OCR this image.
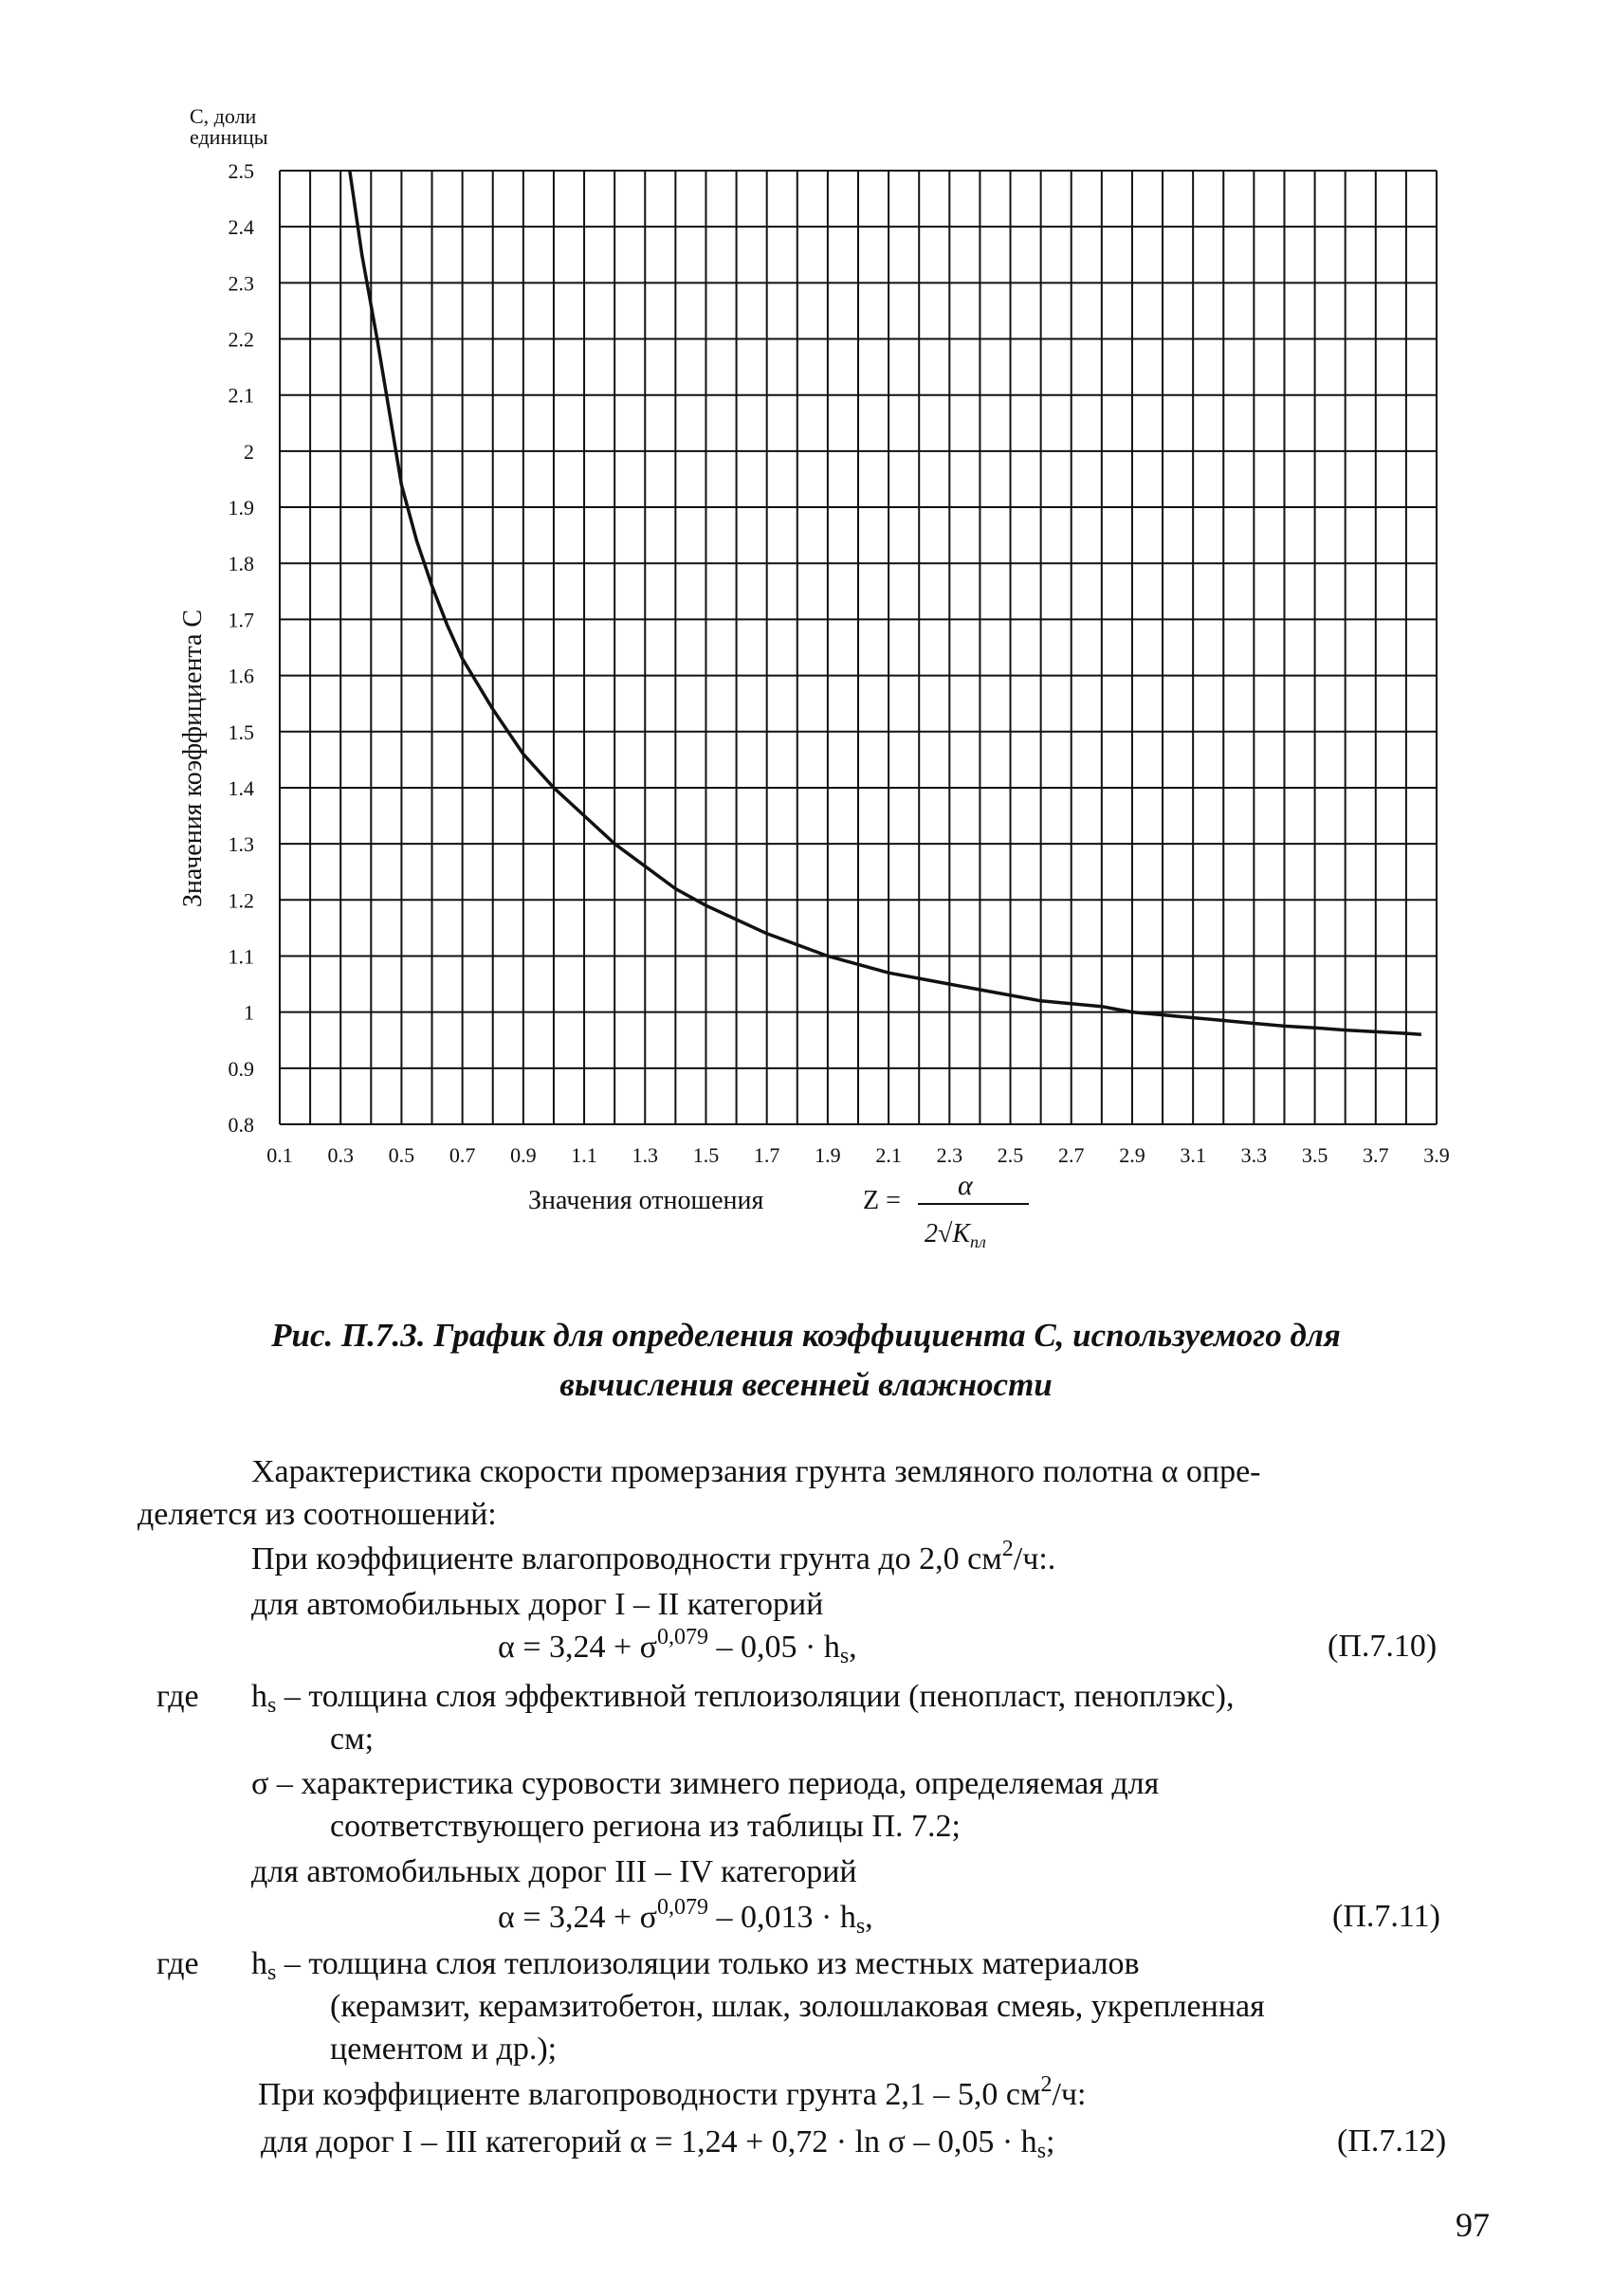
2.5
2.4
2.3
2.2
2.1
2
1.9
1.8
1.7
1.6
1.5
1.4
1.3
1.2
1.1
1
0.9
0.8
0.1 0.3 0.5 0.7 0.9 1.1 1.3 1.5 1.7 1.9 2.1 2.3 2.5 2.7 2.9 3.1 3.3 3.5 3.7 3.9
Значения коэффициента С
Значения отношения	Z = α
$2√K_{пл}$
С, доли
единицы
Рис. П.7.3. График для определения коэффициента С, используемого для
вычисления весенней влажности
Характеристика скорости промерзания грунта земляного полотна α опре-
деляется из соотношений:
При коэффициенте влагопроводности грунта до 2,0 $см^2/ч$:.
для автомобильных дорог I – II категорий
$\alpha = 3,24 + \sigma^{0,079} - 0,05$ · hs,	(П.7.10)
где hs – толщина слоя эффективной теплоизоляции (пенопласт, пеноплэкс),
см;
σ – характеристика суровости зимнего периода, определяемая для
соответствующего региона из таблицы П. 7.2;
для автомобильных дорог III – IV категорий
$\alpha = 3,24 + \sigma^{0,079} - 0,013$ · hs,	(П.7.11)
где hs – толщина слоя теплоизоляции только из местных материалов
(керамзит, керамзитобетон, шлак, золошлаковая смеяь, укрепленная
цементом и др.);
При коэффициенте влагопроводности грунта 2,1 – 5,0 $см^2/ч$:
для дорог I – III категорий α = 1,24 + 0,72 · ln σ – 0,05 · hs;	(П.7.12)
97
